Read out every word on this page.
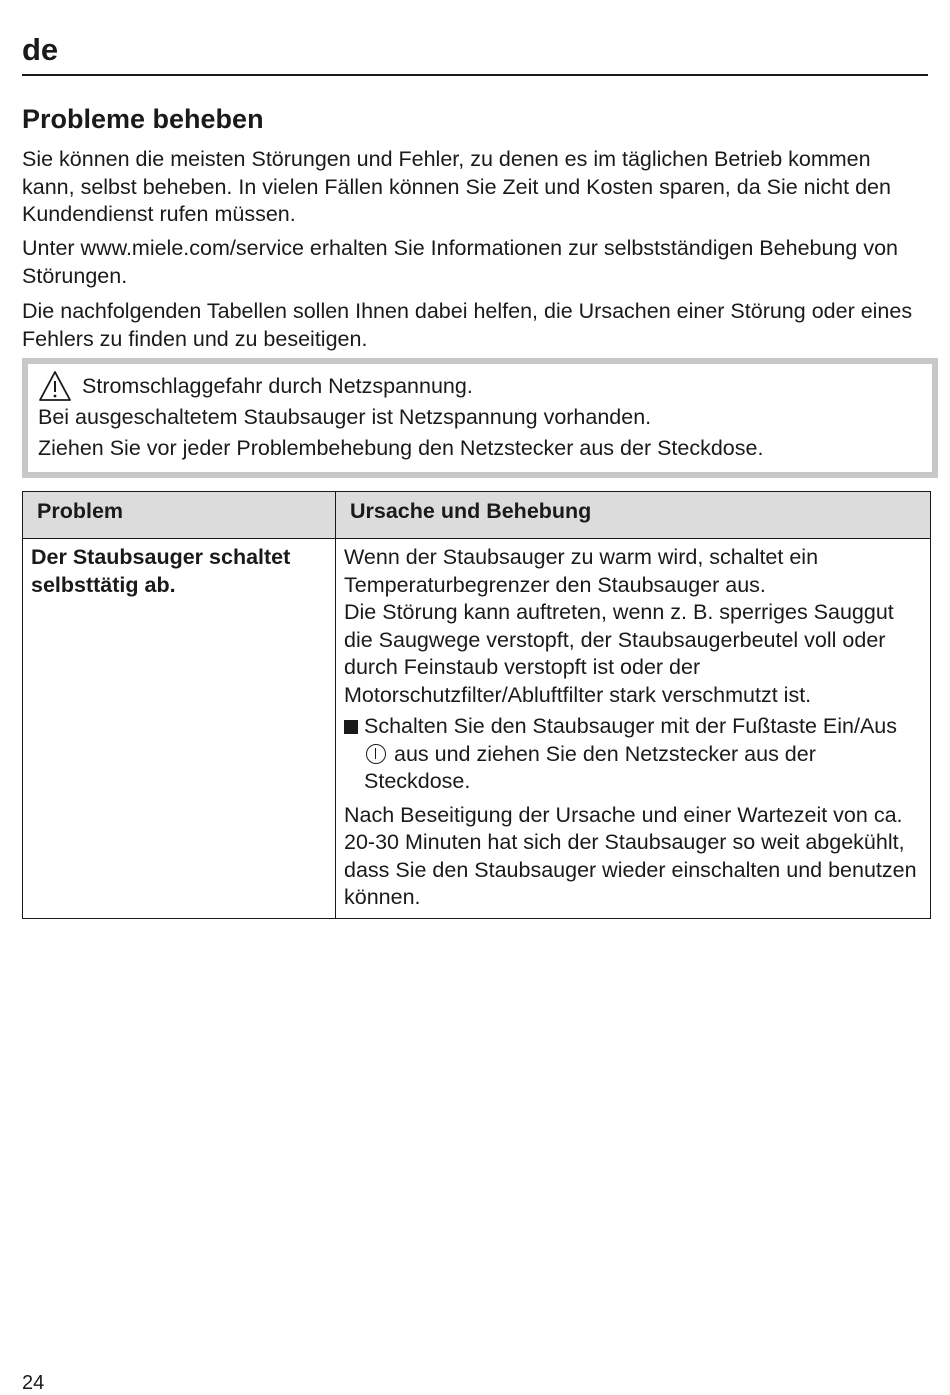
de
Probleme beheben

Sie können die meisten Störungen und Fehler, zu denen es im täglichen Betrieb kommen kann, selbst beheben. In vielen Fällen können Sie Zeit und Kosten sparen, da Sie nicht den Kundendienst rufen müssen.

Unter www.miele.com/service erhalten Sie Informationen zur selbstständigen Behebung von Störungen.

Die nachfolgenden Tabellen sollen Ihnen dabei helfen, die Ursachen einer Störung oder eines Fehlers zu finden und zu beseitigen.

Stromschlaggefahr durch Netzspannung.
Bei ausgeschaltetem Staubsauger ist Netzspannung vorhanden.
Ziehen Sie vor jeder Problembehebung den Netzstecker aus der Steckdose.
Problem	Ursache und Behebung

Der Staubsauger schaltet selbsttätig ab.	Wenn der Staubsauger zu warm wird, schaltet ein Temperaturbegrenzer den Staubsauger aus.

Die Störung kann auftreten, wenn z. B. sperriges Sauggut die Saugwege verstopft, der Staubsaugerbeutel voll oder durch Feinstaub verstopft ist oder der Motorschutzfilter/Abluftfilter stark verschmutzt ist.

Schalten Sie den Staubsauger mit der Fußtaste Ein/Aus  aus und ziehen Sie den Netzstecker aus der Steckdose.

Nach Beseitigung der Ursache und einer Wartezeit von ca. 20-30 Minuten hat sich der Staubsauger so weit abgekühlt, dass Sie den Staubsauger wieder einschalten und benutzen können.

24
